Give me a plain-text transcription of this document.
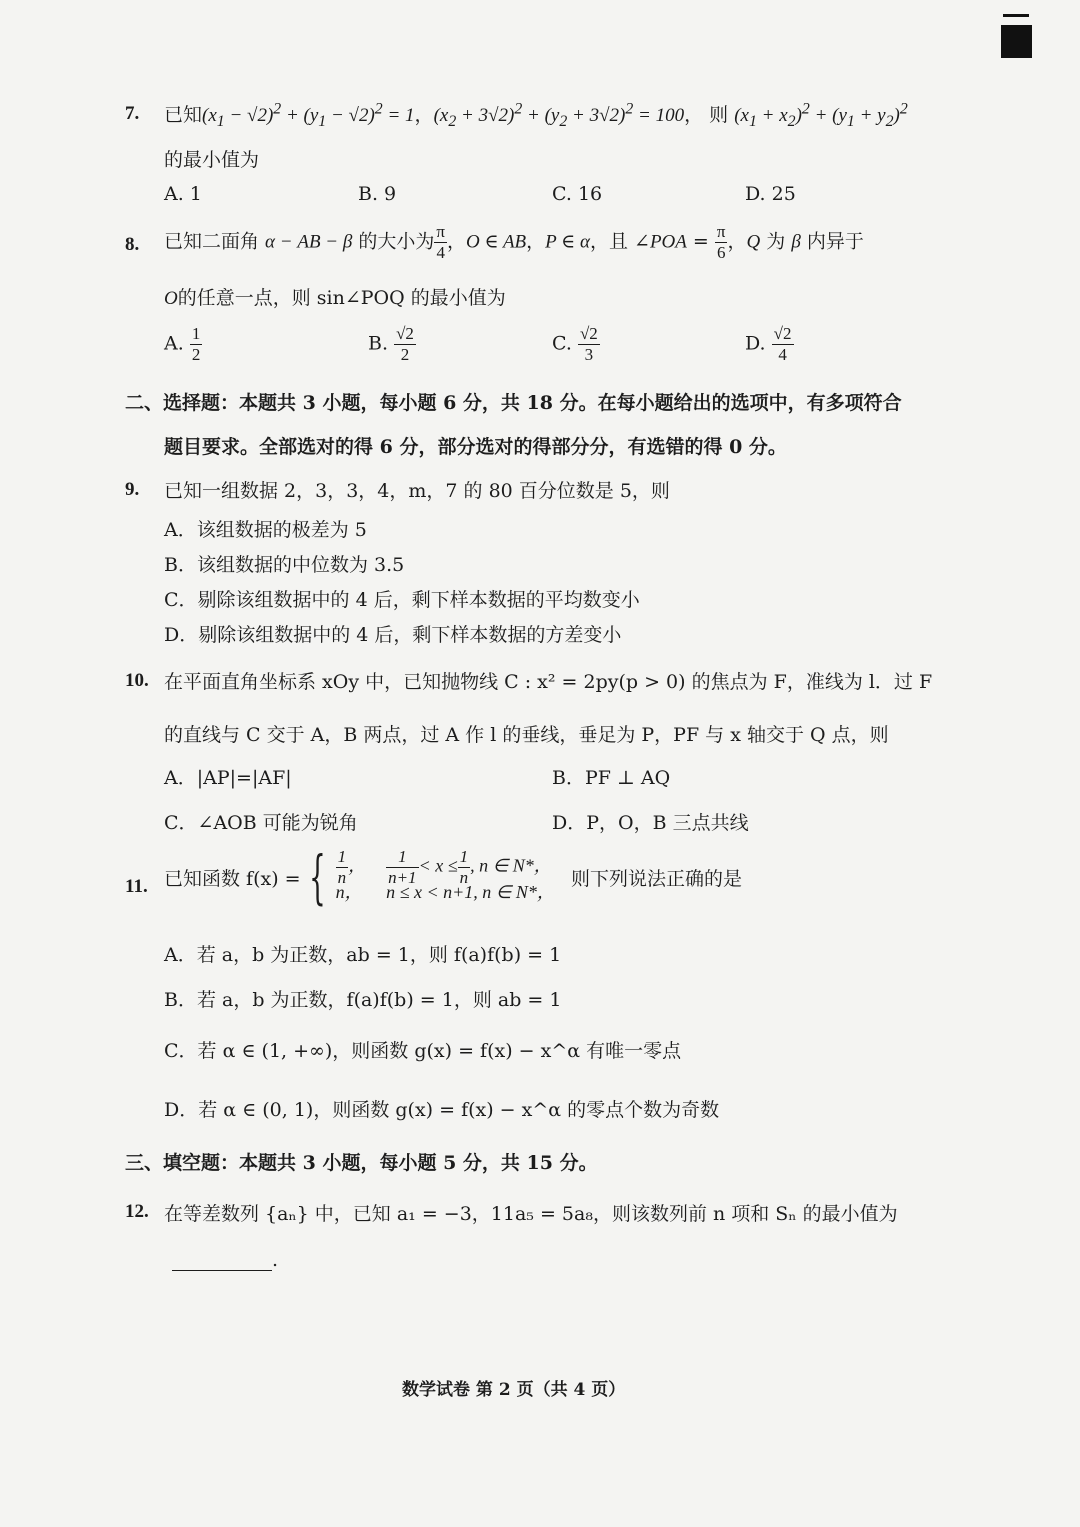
7. 已知$(x_1 - √2)^2 + (y_1 - √2)^2 = 1$，$(x_2 + 3√2)^2 + (y_2 + 3√2)^2 = 100$， 则 $(x_1 + x_2)^2 + (y_1 + y_2)^2$
的最小值为
A. 1	B. 9	C. 16	D. 25
8. 已知二面角 α − AB − β 的大小为 $\frac{\pi}{4}$ ，O ∈ AB，P ∈ α，且 ∠POA = $\frac{\pi}{6}$ ，Q 为 β 内异于
O的任意一点，则 sin∠POQ 的最小值为
A. $\frac{1}{2}$	B. $\frac{√2}{2}$	C. $\frac{√2}{3}$	D. $\frac{√2}{4}$
二、选择题：本题共 3 小题，每小题 6 分，共 18 分。在每小题给出的选项中，有多项符合
题目要求。全部选对的得 6 分，部分选对的得部分分，有选错的得 0 分。
9. 已知一组数据 2，3，3，4，m，7 的 80 百分位数是 5，则
A．该组数据的极差为 5
B．该组数据的中位数为 3.5
C．剔除该组数据中的 4 后，剩下样本数据的平均数变小
D．剔除该组数据中的 4 后，剩下样本数据的方差变小
10. 在平面直角坐标系 xOy 中，已知抛物线 C : x² = 2py(p > 0) 的焦点为 F，准线为 l．过 F
的直线与 C 交于 A，B 两点，过 A 作 l 的垂线，垂足为 P，PF 与 x 轴交于 Q 点，则
A．|AP|=|AF|	B．PF ⊥ AQ
C．∠AOB 可能为锐角	D．P，O，B 三点共线
11. 已知函数 f(x) = { $\frac{1}{n}$ ， $\frac{1}{n+1} < x \le \frac{1}{n}$ , n ∈ N*，
n， n ≤ x < n+1, n ∈ N*，
则下列说法正确的是
A．若 a，b 为正数，ab = 1，则 f(a)f(b) = 1
B．若 a，b 为正数，f(a)f(b) = 1，则 ab = 1
C．若 α ∈ (1, +∞)，则函数 g(x) = f(x) − x^α 有唯一零点
D．若 α ∈ (0, 1)，则函数 g(x) = f(x) − x^α 的零点个数为奇数
三、填空题：本题共 3 小题，每小题 5 分，共 15 分。
12. 在等差数列 {aₙ} 中，已知 a₁ = −3，11a₅ = 5a₈，则该数列前 n 项和 Sₙ 的最小值为
.
数学试卷 第 2 页（共 4 页）
